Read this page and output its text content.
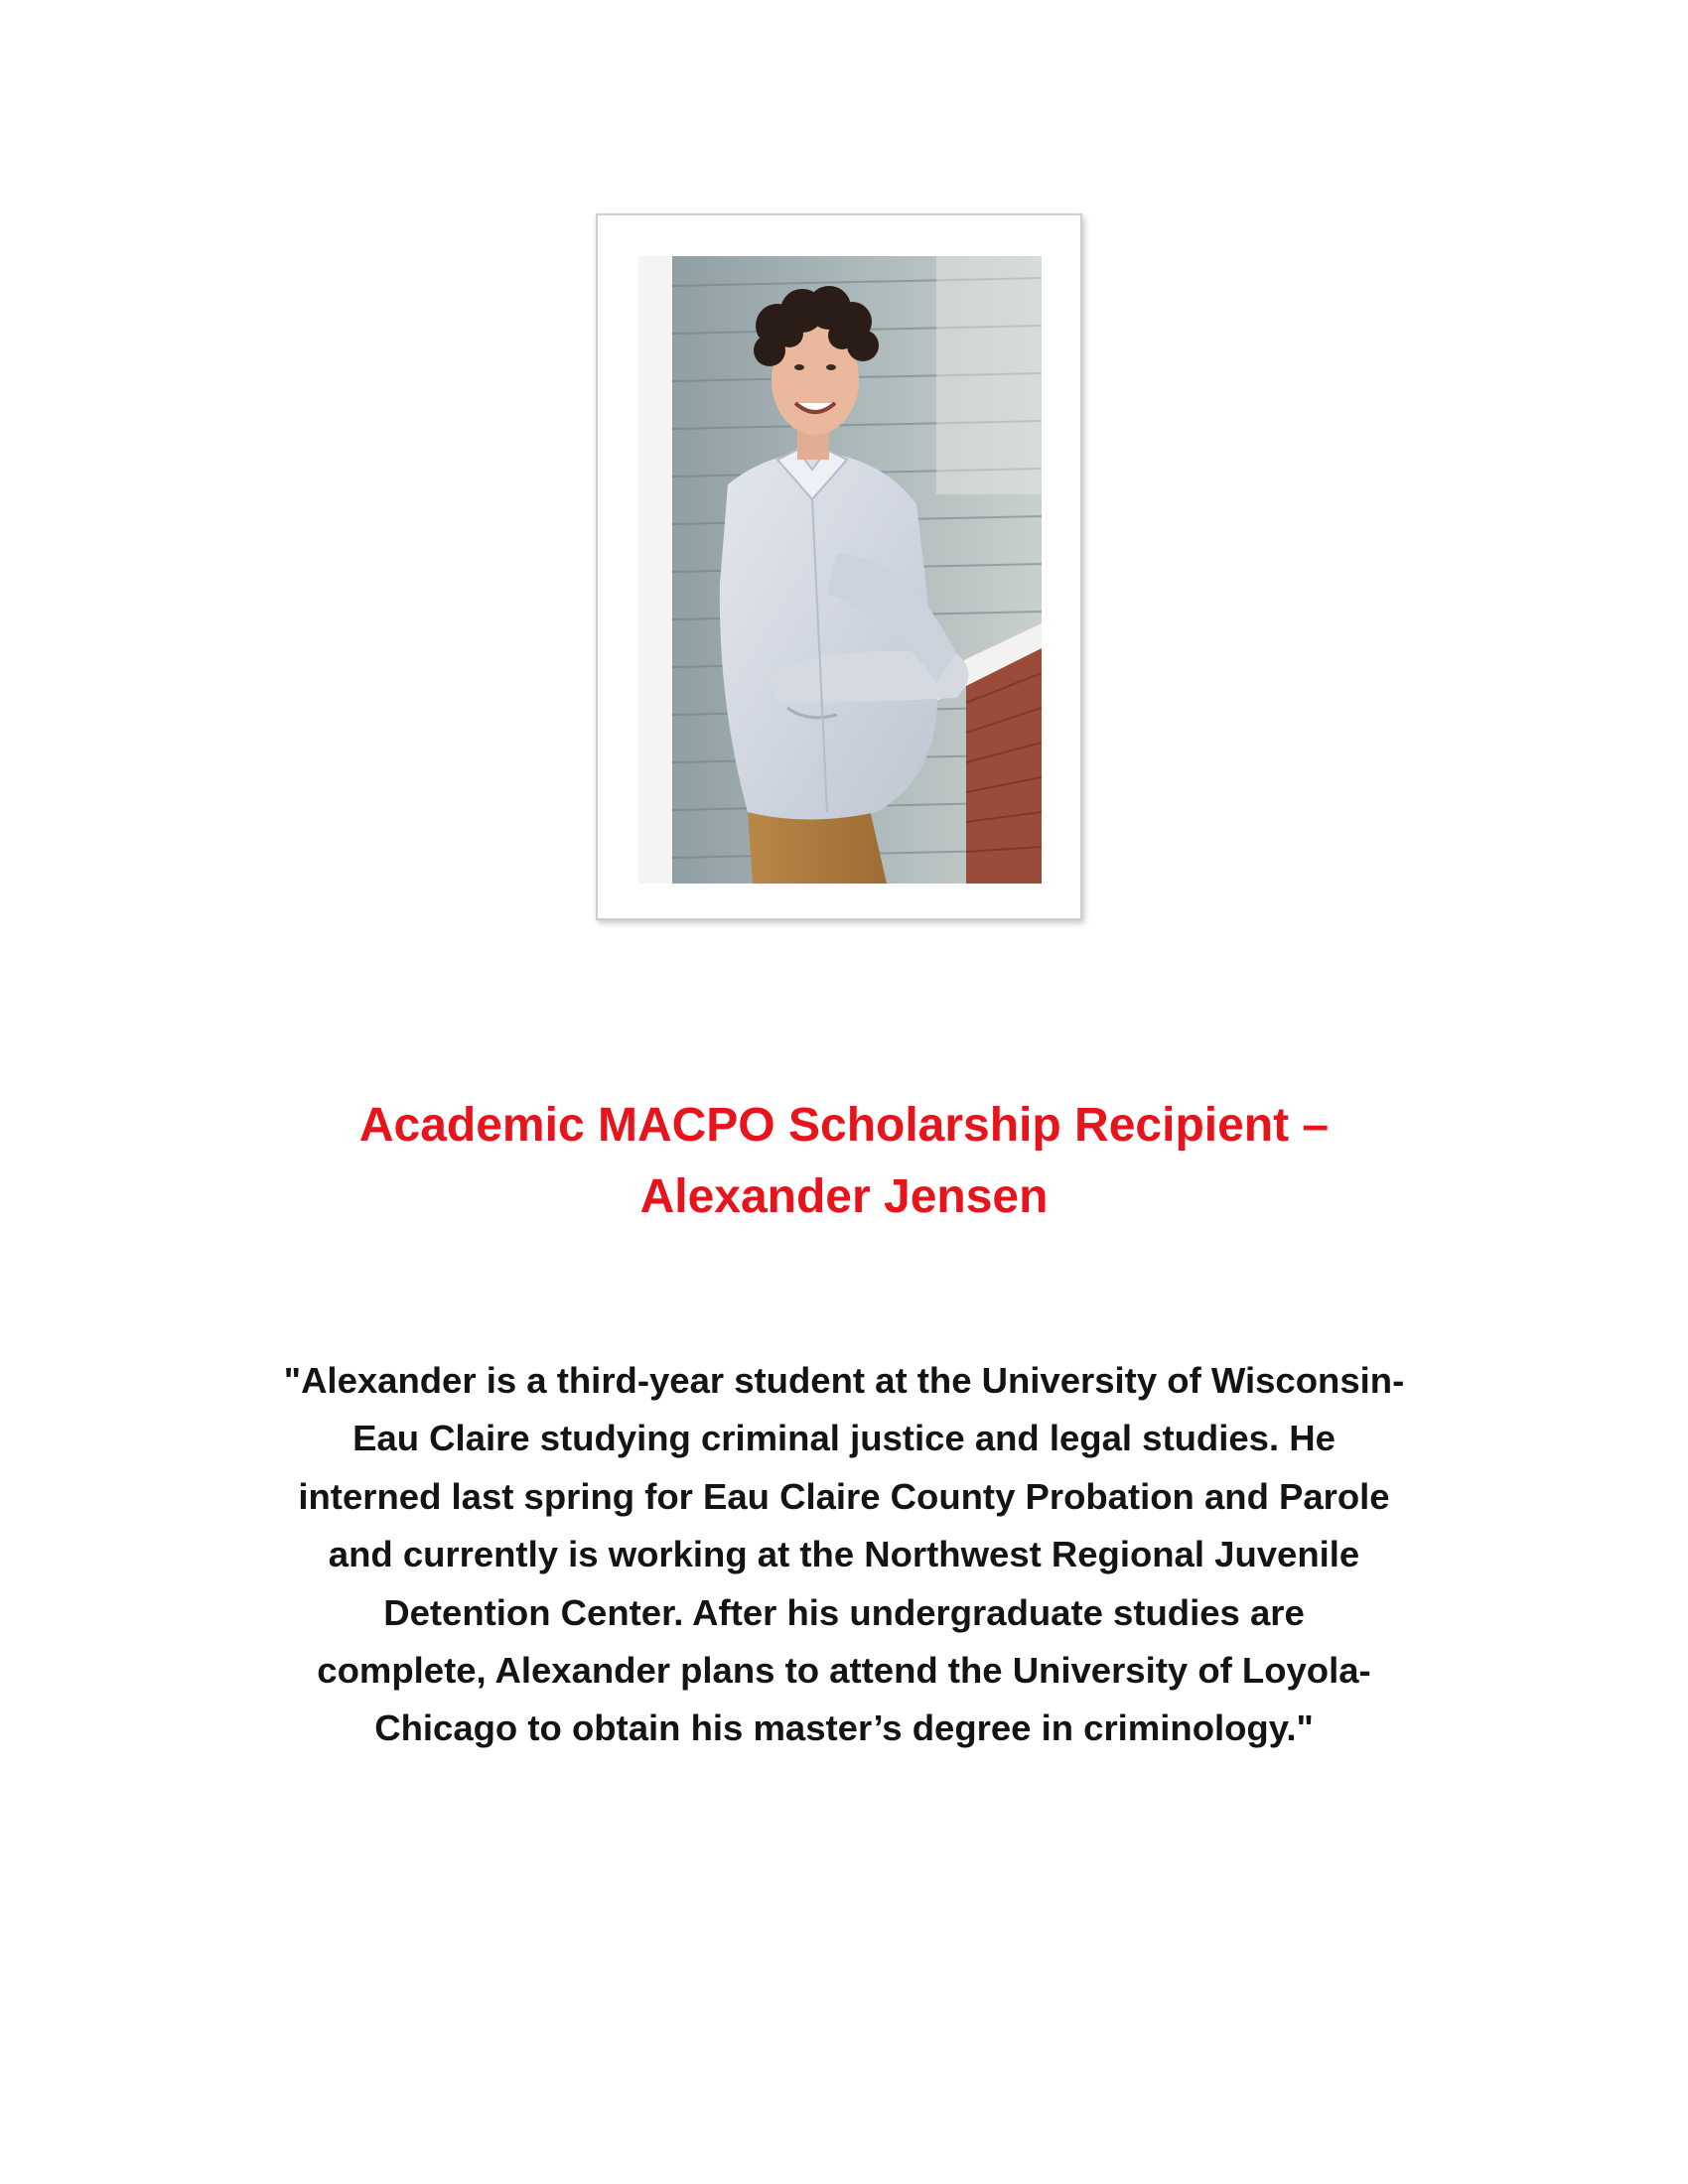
Academic MACPO Scholarship Recipient –
Alexander Jensen

"Alexander is a third-year student at the University of Wisconsin-
Eau Claire studying criminal justice and legal studies. He
interned last spring for Eau Claire County Probation and Parole
and currently is working at the Northwest Regional Juvenile
Detention Center. After his undergraduate studies are
complete, Alexander plans to attend the University of Loyola-
Chicago to obtain his master’s degree in criminology."
